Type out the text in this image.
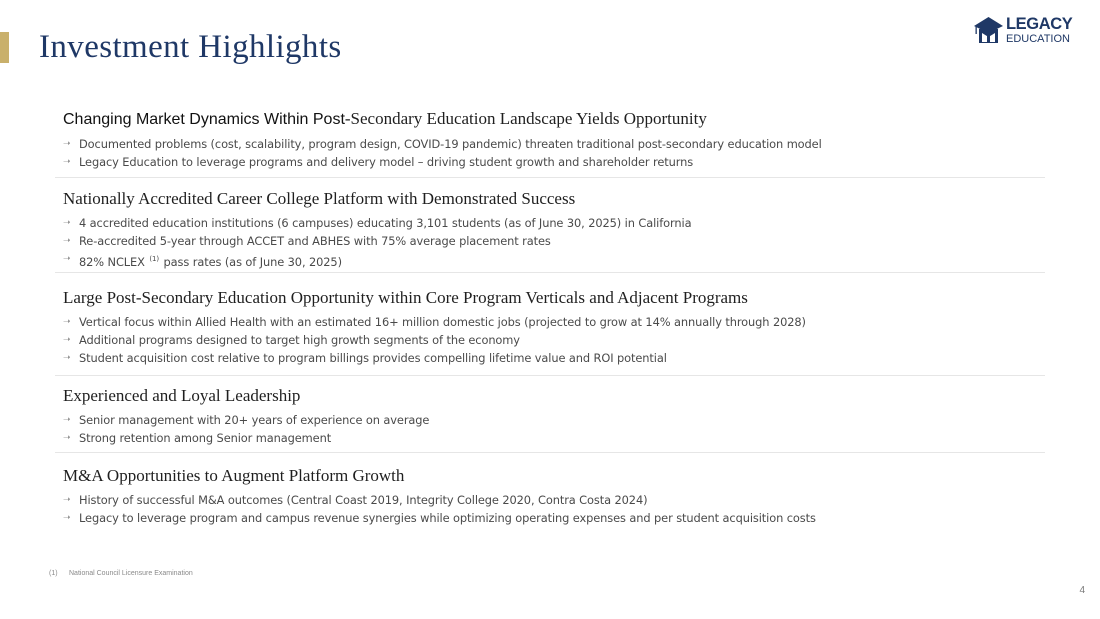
Investment Highlights
LEGACY
EDUCATION
Changing Market Dynamics Within Post-Secondary Education Landscape Yields Opportunity
➝ Documented problems (cost, scalability, program design, COVID-19 pandemic) threaten traditional post-secondary education model
➝ Legacy Education to leverage programs and delivery model – driving student growth and shareholder returns
Nationally Accredited Career College Platform with Demonstrated Success
➝ 4 accredited education institutions (6 campuses) educating 3,101 students (as of June 30, 2025) in California
➝ Re-accredited 5-year through ACCET and ABHES with 75% average placement rates
➝ 82% NCLEX $^{(1)}$ pass rates (as of June 30, 2025)
Large Post-Secondary Education Opportunity within Core Program Verticals and Adjacent Programs
➝ Vertical focus within Allied Health with an estimated 16+ million domestic jobs (projected to grow at 14% annually through 2028)
➝ Additional programs designed to target high growth segments of the economy
➝ Student acquisition cost relative to program billings provides compelling lifetime value and ROI potential
Experienced and Loyal Leadership
➝ Senior management with 20+ years of experience on average
➝ Strong retention among Senior management
M&A Opportunities to Augment Platform Growth
➝ History of successful M&A outcomes (Central Coast 2019, Integrity College 2020, Contra Costa 2024)
➝ Legacy to leverage program and campus revenue synergies while optimizing operating expenses and per student acquisition costs
(1) National Council Licensure Examination
4
